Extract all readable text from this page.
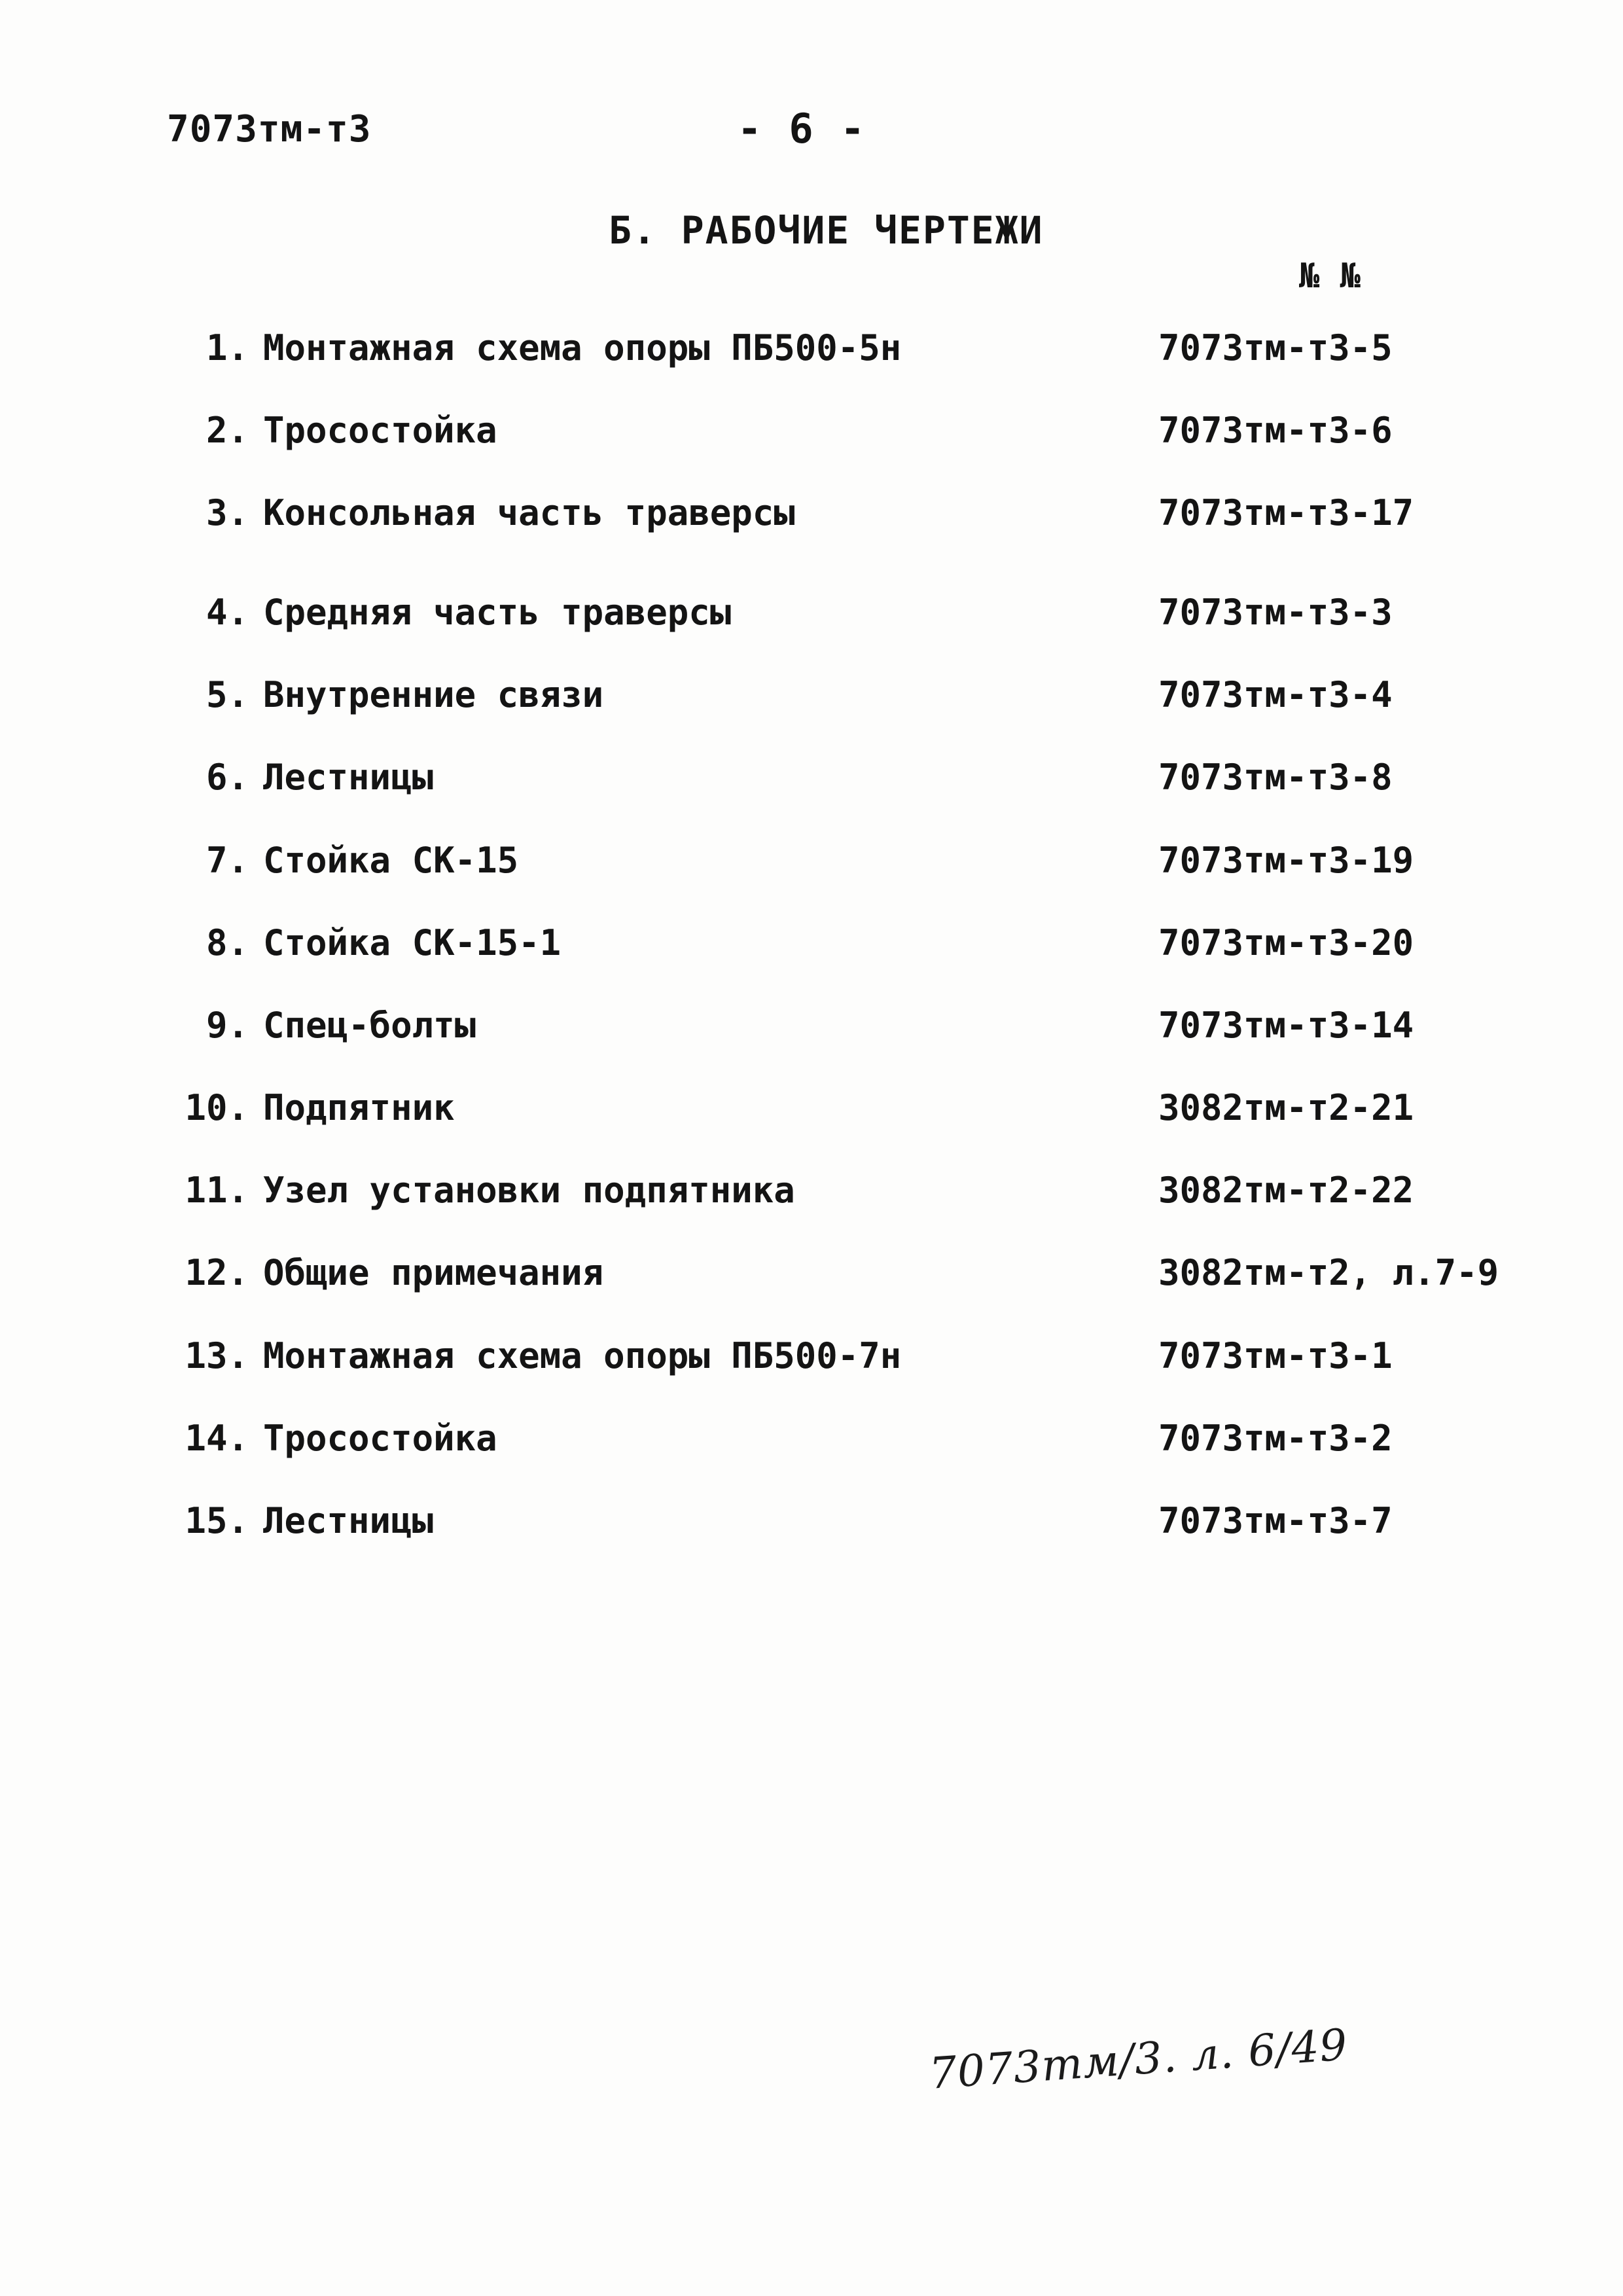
7073тм-т3	- 6 -
Б. РАБОЧИЕ ЧЕРТЕЖИ
№ №
1. Монтажная схема опоры ПБ500-5н	7073тм-т3-5
2. Тросостойка	7073тм-т3-6
3. Консольная часть траверсы	7073тм-т3-17
4. Средняя часть траверсы	7073тм-т3-3
5. Внутренние связи	7073тм-т3-4
6. Лестницы	7073тм-т3-8
7. Стойка СК-15	7073тм-т3-19
8. Стойка СК-15-1	7073тм-т3-20
9. Спец-болты	7073тм-т3-14
10. Подпятник	3082тм-т2-21
11. Узел установки подпятника	3082тм-т2-22
12. Общие примечания	3082тм-т2, л.7-9
13. Монтажная схема опоры ПБ500-7н	7073тм-т3-1
14. Тросостойка	7073тм-т3-2
15. Лестницы	7073тм-т3-7
7073тм/3. л. 6/49
